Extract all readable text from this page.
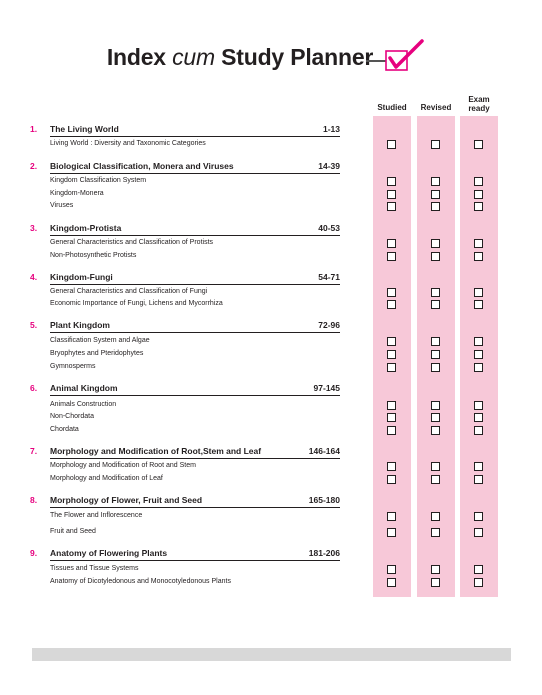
Index cum Study Planner
Studied	Revised
Exam
ready
1. The Living World	1-13
Living World : Diversity and Taxonomic Categories
2. Biological Classification, Monera and Viruses	14-39
Kingdom Classification System
Kingdom-Monera
Viruses
3. Kingdom-Protista	40-53
General Characteristics and Classification of Protists
Non-Photosynthetic Protists
4. Kingdom-Fungi	54-71
General Characteristics and Classification of Fungi
Economic Importance of Fungi, Lichens and Mycorrhiza
5. Plant Kingdom	72-96
Classification System and Algae
Bryophytes and Pteridophytes
Gymnosperms
6. Animal Kingdom	97-145
Animals Construction
Non-Chordata
Chordata
7. Morphology and Modification of Root,Stem and Leaf	146-164
Morphology and Modification of Root and Stem
Morphology and Modification of Leaf
8. Morphology of Flower, Fruit and Seed	165-180
The Flower and Inflorescence
Fruit and Seed
9. Anatomy of Flowering Plants	181-206
Tissues and Tissue Systems
Anatomy of Dicotyledonous and Monocotyledonous Plants
